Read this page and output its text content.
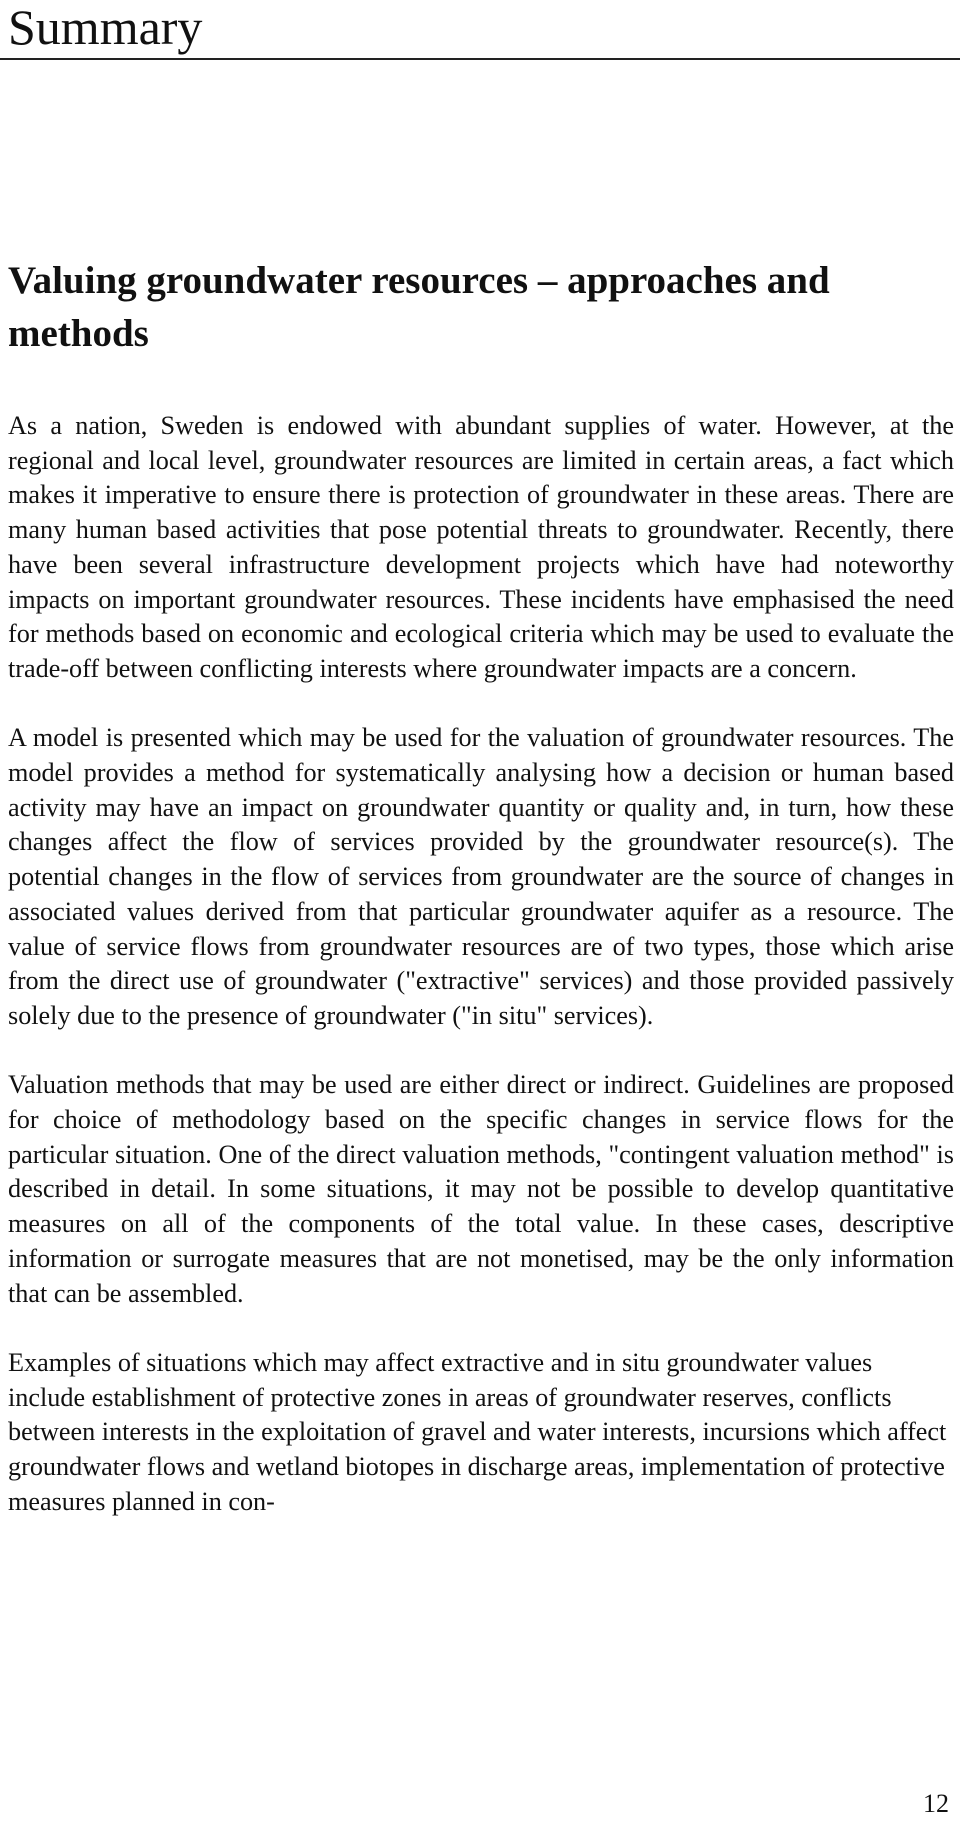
Summary
Valuing groundwater resources – approaches and methods

As a nation, Sweden is endowed with abundant supplies of water. However, at the regional and local level, groundwater resources are limited in certain areas, a fact which makes it imperative to ensure there is protection of groundwater in these areas. There are many human based activities that pose potential threats to groundwater. Recently, there have been several infrastructure development projects which have had noteworthy impacts on important groundwater resources. These incidents have emphasised the need for methods based on economic and ecological criteria which may be used to evaluate the trade-off between conflicting interests where groundwater impacts are a concern.

A model is presented which may be used for the valuation of groundwater resources. The model provides a method for systematically analysing how a decision or human based activity may have an impact on groundwater quantity or quality and, in turn, how these changes affect the flow of services provided by the groundwater resource(s). The potential changes in the flow of services from groundwater are the source of changes in associated values derived from that particular groundwater aquifer as a resource. The value of service flows from groundwater resources are of two types, those which arise from the direct use of groundwater ("extractive" services) and those provided passively solely due to the presence of groundwater ("in situ" services).

Valuation methods that may be used are either direct or indirect. Guidelines are proposed for choice of methodology based on the specific changes in service flows for the particular situation. One of the direct valuation methods, "contingent valuation method" is described in detail. In some situations, it may not be possible to develop quantitative measures on all of the components of the total value. In these cases, descriptive information or surrogate measures that are not monetised, may be the only information that can be assembled.

Examples of situations which may affect extractive and in situ groundwater values include establishment of protective zones in areas of groundwater reserves, conflicts between interests in the exploitation of gravel and water interests, incursions which affect groundwater flows and wetland biotopes in discharge areas, implementation of protective measures planned in con-

12
